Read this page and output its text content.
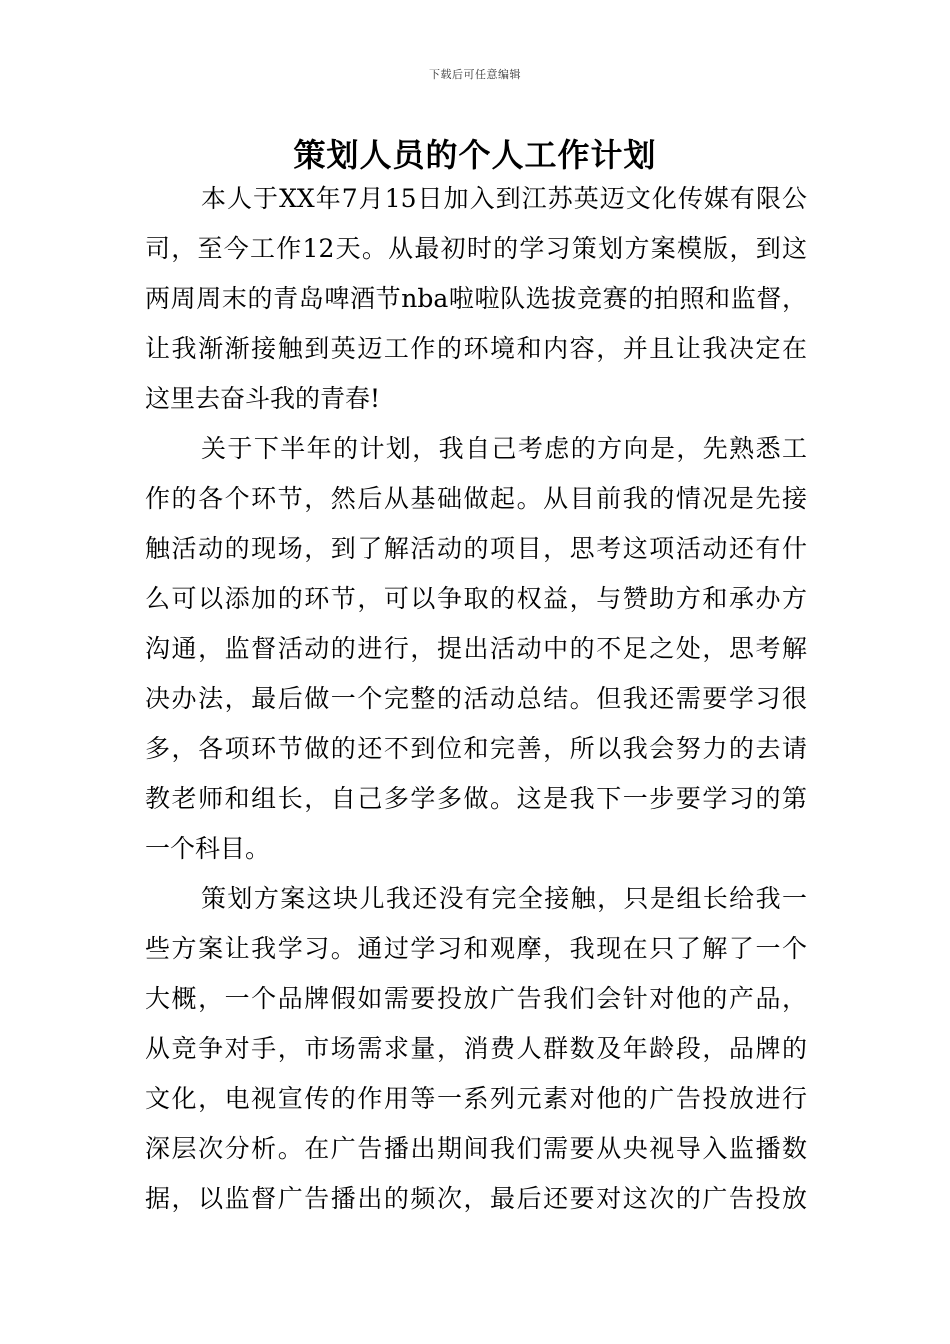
下载后可任意编辑
策划人员的个人工作计划
本人于XX年7月15日加入到江苏英迈文化传媒有限公
司，至今工作12天。从最初时的学习策划方案模版，到这
两周周末的青岛啤酒节nba啦啦队选拔竞赛的拍照和监督，
让我渐渐接触到英迈工作的环境和内容，并且让我决定在
这里去奋斗我的青春!
关于下半年的计划，我自己考虑的方向是，先熟悉工
作的各个环节，然后从基础做起。从目前我的情况是先接
触活动的现场，到了解活动的项目，思考这项活动还有什
么可以添加的环节，可以争取的权益，与赞助方和承办方
沟通，监督活动的进行，提出活动中的不足之处，思考解
决办法，最后做一个完整的活动总结。但我还需要学习很
多，各项环节做的还不到位和完善，所以我会努力的去请
教老师和组长，自己多学多做。这是我下一步要学习的第
一个科目。
策划方案这块儿我还没有完全接触，只是组长给我一
些方案让我学习。通过学习和观摩，我现在只了解了一个
大概，一个品牌假如需要投放广告我们会针对他的产品，
从竞争对手，市场需求量，消费人群数及年龄段，品牌的
文化，电视宣传的作用等一系列元素对他的广告投放进行
深层次分析。在广告播出期间我们需要从央视导入监播数
据，以监督广告播出的频次，最后还要对这次的广告投放
